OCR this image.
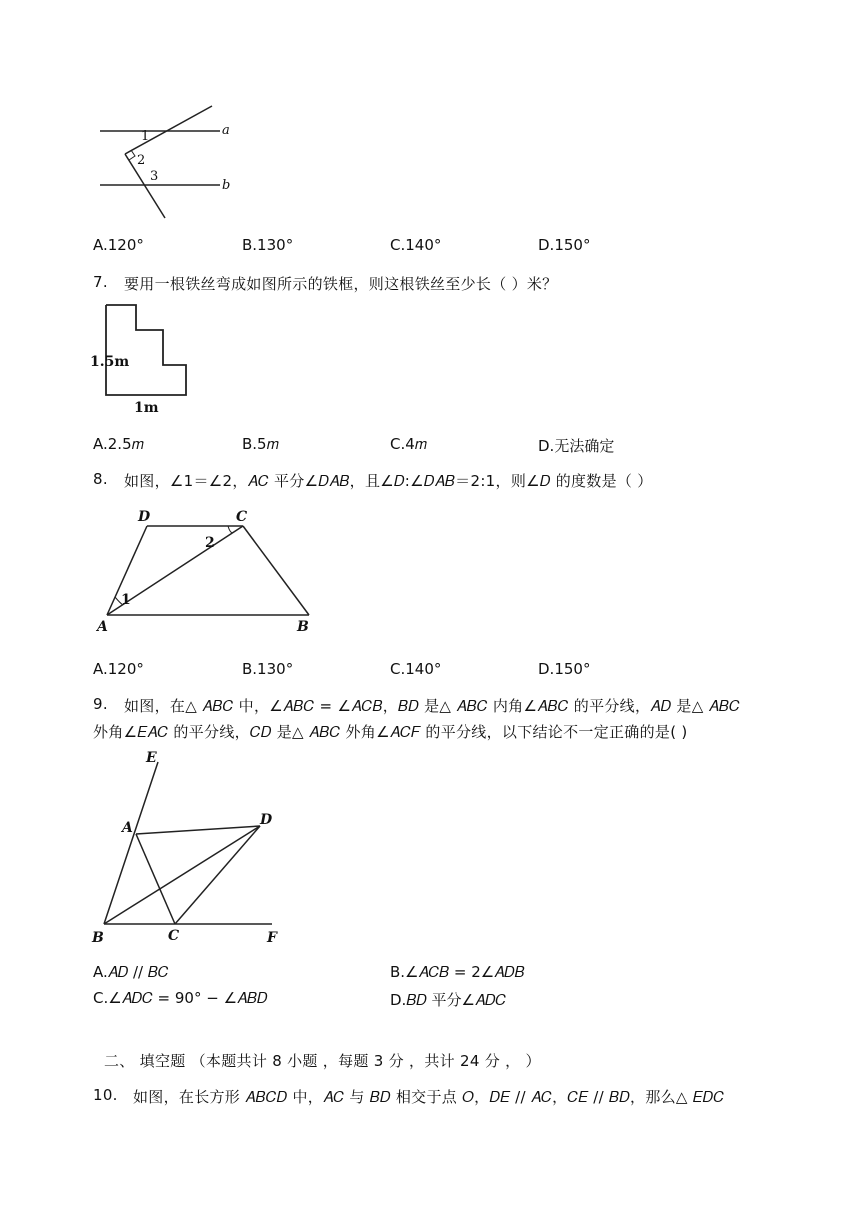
1
2
3
a
b
A.120°	B.130°	C.140°	D.150°
7. 要用一根铁丝弯成如图所示的铁框，则这根铁丝至少长（ ）米？
1.5m
1m
A.2.5𝑚	B.5𝑚	C.4𝑚	D.无法确定
8. 如图，∠1＝∠2，𝐴𝐶 平分∠𝐷𝐴𝐵，且∠𝐷:∠𝐷𝐴𝐵＝2:1，则∠𝐷 的度数是（ ）
D	C
A	B
1
2
A.120°	B.130°	C.140°	D.150°
9. 如图，在△ 𝐴𝐵𝐶 中，∠𝐴𝐵𝐶 = ∠𝐴𝐶𝐵，𝐵𝐷 是△ 𝐴𝐵𝐶 内角∠𝐴𝐵𝐶 的平分线，𝐴𝐷 是△ 𝐴𝐵𝐶
外角∠𝐸𝐴𝐶 的平分线，𝐶𝐷 是△ 𝐴𝐵𝐶 外角∠𝐴𝐶𝐹 的平分线，以下结论不一定正确的是( )
E
A	D
B	C	F
A.𝐴𝐷 // 𝐵𝐶	B.∠𝐴𝐶𝐵 = 2∠𝐴𝐷𝐵
C.∠𝐴𝐷𝐶 = 90° − ∠𝐴𝐵𝐷	D.𝐵𝐷 平分∠𝐴𝐷𝐶
二、 填空题 （本题共计 8 小题 ，每题 3 分 ，共计 24 分 ， ）
10. 如图，在长方形 𝐴𝐵𝐶𝐷 中，𝐴𝐶 与 𝐵𝐷 相交于点 𝑂，𝐷𝐸 // 𝐴𝐶，𝐶𝐸 // 𝐵𝐷，那么△ 𝐸𝐷𝐶
